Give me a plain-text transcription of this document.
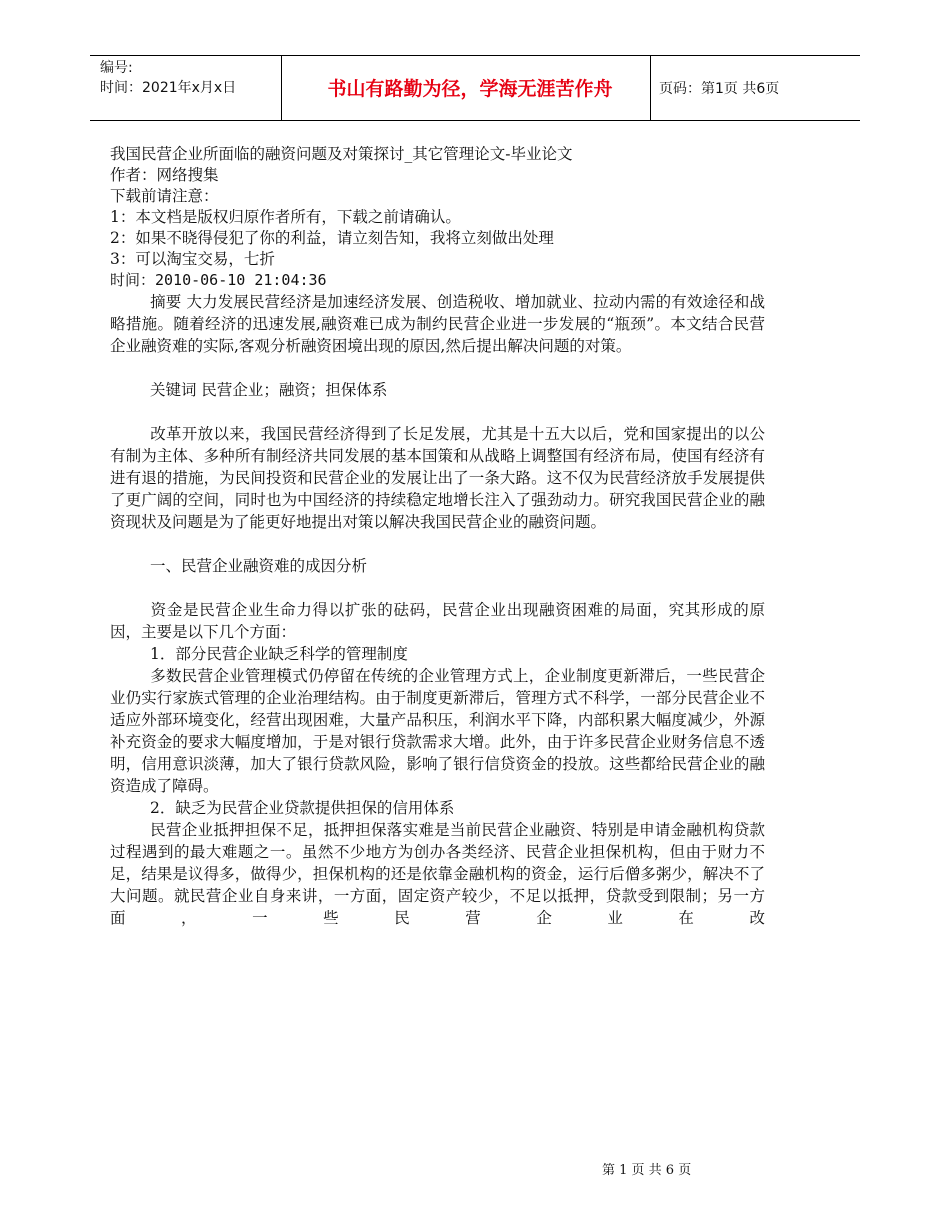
编号:
时间：2021年x月x日	书山有路勤为径，学海无涯苦作舟	页码：第1页 共6页
我国民营企业所面临的融资问题及对策探讨_其它管理论文-毕业论文
作者：网络搜集
下载前请注意：
1：本文档是版权归原作者所有，下载之前请确认。
2：如果不晓得侵犯了你的利益，请立刻告知，我将立刻做出处理
3：可以淘宝交易，七折
时间：2010-06-10 21:04:36
摘要 大力发展民营经济是加速经济发展、创造税收、增加就业、拉动内需的有效途径和战略措施。随着经济的迅速发展,融资难已成为制约民营企业进一步发展的“瓶颈”。本文结合民营企业融资难的实际,客观分析融资困境出现的原因,然后提出解决问题的对策。
关键词 民营企业；融资；担保体系
改革开放以来，我国民营经济得到了长足发展，尤其是十五大以后，党和国家提出的以公有制为主体、多种所有制经济共同发展的基本国策和从战略上调整国有经济布局，使国有经济有进有退的措施，为民间投资和民营企业的发展让出了一条大路。这不仅为民营经济放手发展提供了更广阔的空间，同时也为中国经济的持续稳定地增长注入了强劲动力。研究我国民营企业的融资现状及问题是为了能更好地提出对策以解决我国民营企业的融资问题。
一、民营企业融资难的成因分析
资金是民营企业生命力得以扩张的砝码，民营企业出现融资困难的局面，究其形成的原因，主要是以下几个方面：
1．部分民营企业缺乏科学的管理制度
多数民营企业管理模式仍停留在传统的企业管理方式上，企业制度更新滞后，一些民营企业仍实行家族式管理的企业治理结构。由于制度更新滞后，管理方式不科学，一部分民营企业不适应外部环境变化，经营出现困难，大量产品积压，利润水平下降，内部积累大幅度减少，外源补充资金的要求大幅度增加，于是对银行贷款需求大增。此外，由于许多民营企业财务信息不透明，信用意识淡薄，加大了银行贷款风险，影响了银行信贷资金的投放。这些都给民营企业的融资造成了障碍。
2．缺乏为民营企业贷款提供担保的信用体系
民营企业抵押担保不足，抵押担保落实难是当前民营企业融资、特别是申请金融机构贷款过程遇到的最大难题之一。虽然不少地方为创办各类经济、民营企业担保机构，但由于财力不足，结果是议得多，做得少，担保机构的还是依靠金融机构的资金，运行后僧多粥少，解决不了大问题。就民营企业自身来讲，一方面，固定资产较少，不足以抵押，贷款受到限制；另一方面，一些民营企业在改
第 1 页 共 6 页
